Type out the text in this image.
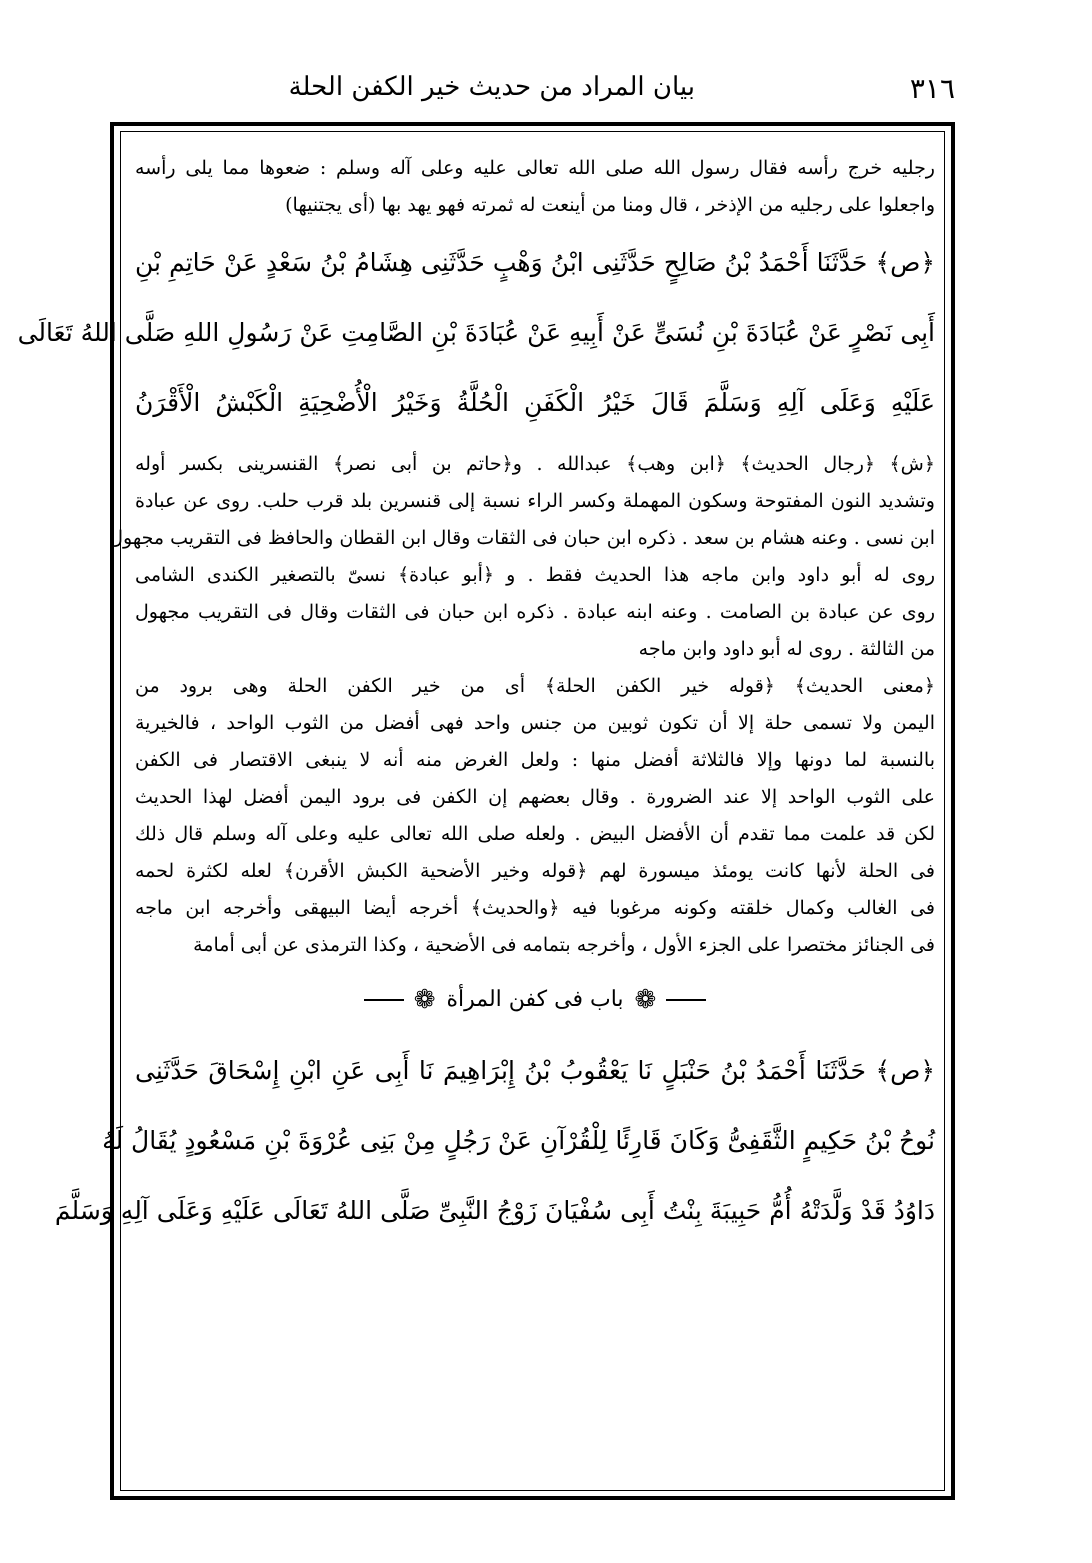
٣١٦
بيان المراد من حديث خير الكفن الحلة
رجليه خرج رأسه فقال رسول الله صلى الله تعالى عليه وعلى آله وسلم : ضعوها مما يلى رأسه
واجعلوا على رجليه من الإذخر ، قال ومنا من أينعت له ثمرته فهو يهد بها (أى يجتنيها)
﴿ص﴾ حَدَّثَنَا أَحْمَدُ بْنُ صَالِحٍ حَدَّثَنِى ابْنُ وَهْبٍ حَدَّثَنِى هِشَامُ بْنُ سَعْدٍ عَنْ حَاتِمِ بْنِ
أَبِى نَصْرٍ عَنْ عُبَادَةَ بْنِ نُسَىٍّ عَنْ أَبِيهِ عَنْ عُبَادَةَ بْنِ الصَّامِتِ عَنْ رَسُولِ اللهِ صَلَّى اللهُ تَعَالَى
عَلَيْهِ وَعَلَى آلِهِ وَسَلَّمَ قَالَ خَيْرُ الْكَفَنِ الْحُلَّةُ وَخَيْرُ الْأُضْحِيَةِ الْكَبْشُ الْأَقْرَنُ
﴿ش﴾ ﴿رجال الحديث﴾ ﴿ابن وهب﴾ عبدالله . و﴿حاتم بن أبى نصر﴾ القنسرينى بكسر أوله
وتشديد النون المفتوحة وسكون المهملة وكسر الراء نسبة إلى قنسرين بلد قرب حلب. روى عن عبادة
ابن نسى . وعنه هشام بن سعد . ذكره ابن حبان فى الثقات وقال ابن القطان والحافظ فى التقريب مجهول
روى له أبو داود وابن ماجه هذا الحديث فقط . و ﴿أبو عبادة﴾ نسىّ بالتصغير الكندى الشامى
روى عن عبادة بن الصامت . وعنه ابنه عبادة . ذكره ابن حبان فى الثقات وقال فى التقريب مجهول
من الثالثة . روى له أبو داود وابن ماجه
﴿معنى الحديث﴾ ﴿قوله خير الكفن الحلة﴾ أى من خير الكفن الحلة وهى برود من
اليمن ولا تسمى حلة إلا أن تكون ثوبين من جنس واحد فهى أفضل من الثوب الواحد ، فالخيرية
بالنسبة لما دونها وإلا فالثلاثة أفضل منها : ولعل الغرض منه أنه لا ينبغى الاقتصار فى الكفن
على الثوب الواحد إلا عند الضرورة . وقال بعضهم إن الكفن فى برود اليمن أفضل لهذا الحديث
لكن قد علمت مما تقدم أن الأفضل البيض . ولعله صلى الله تعالى عليه وعلى آله وسلم قال ذلك
فى الحلة لأنها كانت يومئذ ميسورة لهم ﴿قوله وخير الأضحية الكبش الأقرن﴾ لعله لكثرة لحمه
فى الغالب وكمال خلقته وكونه مرغوبا فيه ﴿والحديث﴾ أخرجه أيضا البيهقى وأخرجه ابن ماجه
فى الجنائز مختصرا على الجزء الأول ، وأخرجه بتمامه فى الأضحية ، وكذا الترمذى عن أبى أمامة
❁ باب فى كفن المرأة ❁
﴿ص﴾ حَدَّثَنَا أَحْمَدُ بْنُ حَنْبَلٍ نَا يَعْقُوبُ بْنُ إِبْرَاهِيمَ نَا أَبِى عَنِ ابْنِ إِسْحَاقَ حَدَّثَنِى
نُوحُ بْنُ حَكِيمٍ الثَّقَفِىُّ وَكَانَ قَارِئًا لِلْقُرْآنِ عَنْ رَجُلٍ مِنْ بَنِى عُرْوَةَ بْنِ مَسْعُودٍ يُقَالُ لَهُ
دَاوُدُ قَدْ وَلَّدَتْهُ أُمُّ حَبِيبَةَ بِنْتُ أَبِى سُفْيَانَ زَوْجُ النَّبِىِّ صَلَّى اللهُ تَعَالَى عَلَيْهِ وَعَلَى آلِهِ وَسَلَّمَ
